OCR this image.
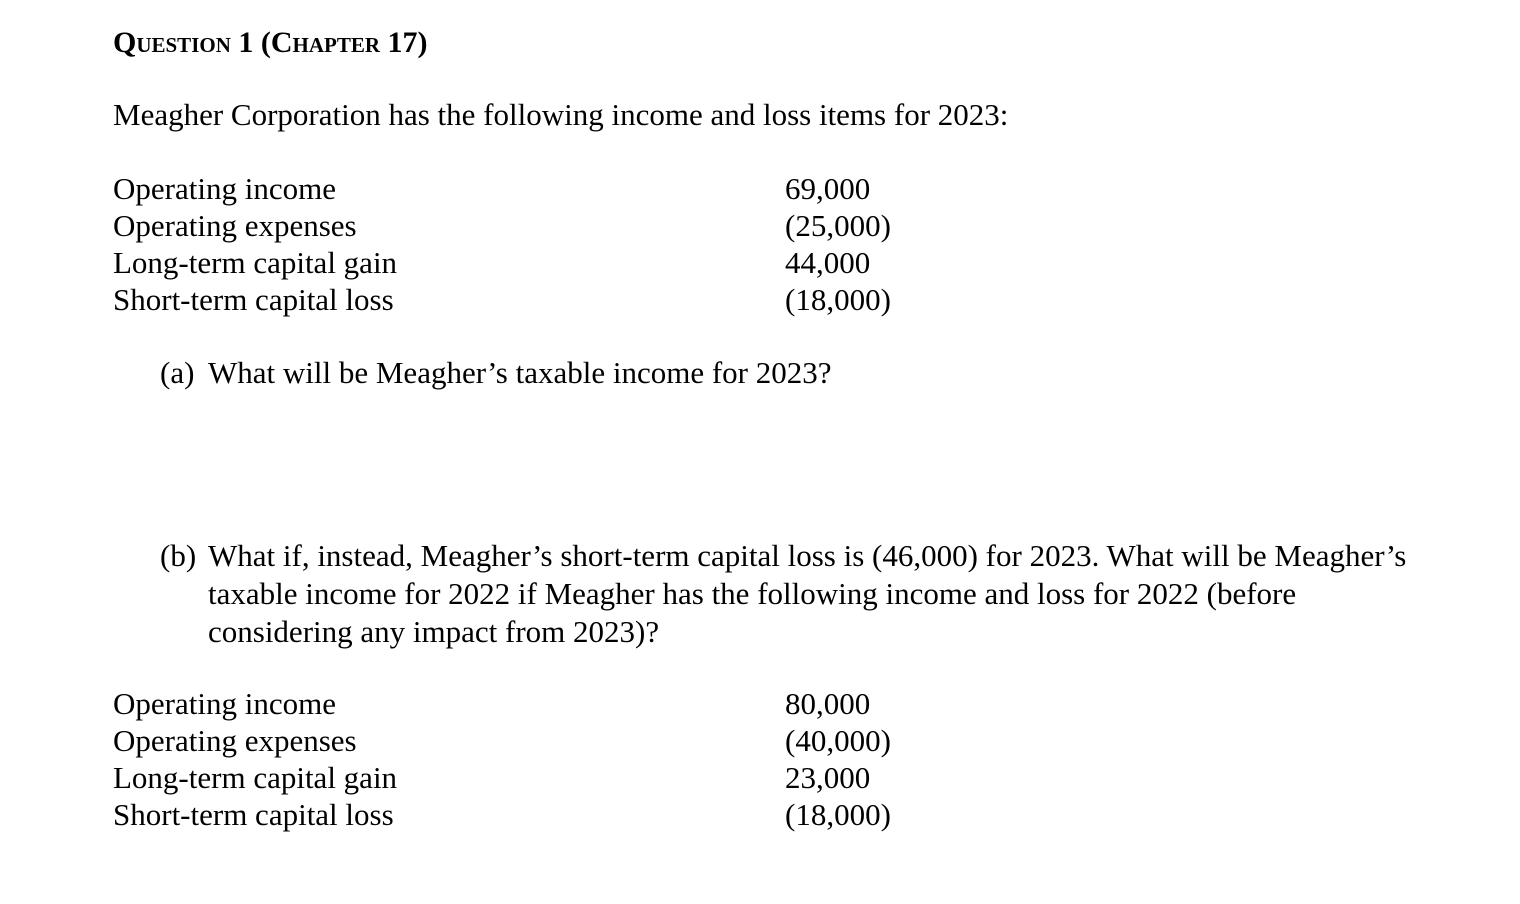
Question 1 (Chapter 17)
Meagher Corporation has the following income and loss items for 2023:
Operating income	69,000
Operating expenses	(25,000)
Long-term capital gain	44,000
Short-term capital loss	(18,000)
(a) What will be Meagher’s taxable income for 2023?
(b) What if, instead, Meagher’s short-term capital loss is (46,000) for 2023. What will be Meagher’s taxable income for 2022 if Meagher has the following income and loss for 2022 (before considering any impact from 2023)?
Operating income	80,000
Operating expenses	(40,000)
Long-term capital gain	23,000
Short-term capital loss	(18,000)
